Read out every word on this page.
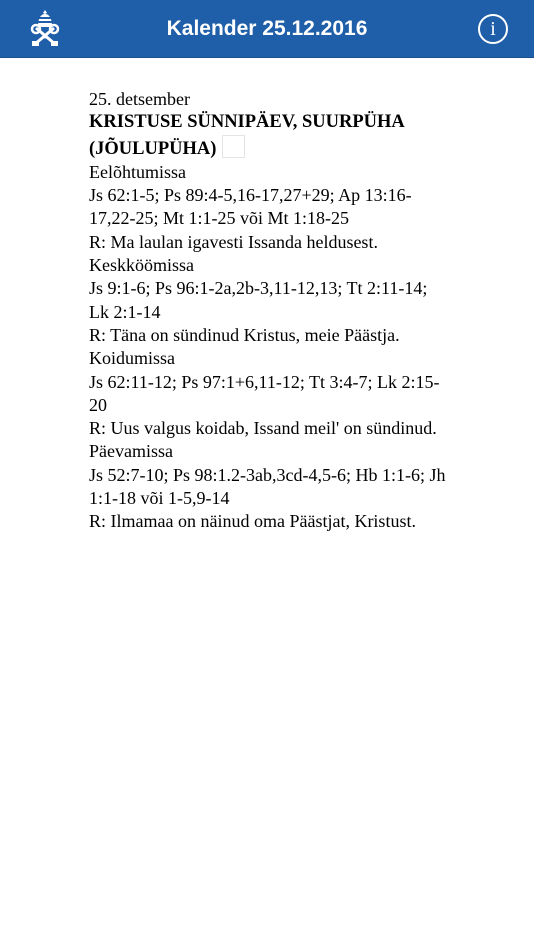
Kalender 25.12.2016	i

25. detsember

KRISTUSE SÜNNIPÄEV, SUURPÜHA (JÕULUPÜHA)

Eelõhtumissa

Js 62:1-5; Ps 89:4-5,16-17,27+29; Ap 13:16-17,22-25; Mt 1:1-25 või Mt 1:18-25

R: Ma laulan igavesti Issanda heldusest.

Keskköömissa

Js 9:1-6; Ps 96:1-2a,2b-3,11-12,13; Tt 2:11-14; Lk 2:1-14

R: Täna on sündinud Kristus, meie Päästja.

Koidumissa

Js 62:11-12; Ps 97:1+6,11-12; Tt 3:4-7; Lk 2:15-20

R: Uus valgus koidab, Issand meil' on sündinud.

Päevamissa

Js 52:7-10; Ps 98:1.2-3ab,3cd-4,5-6; Hb 1:1-6; Jh 1:1-18 või 1-5,9-14

R: Ilmamaa on näinud oma Päästjat, Kristust.
